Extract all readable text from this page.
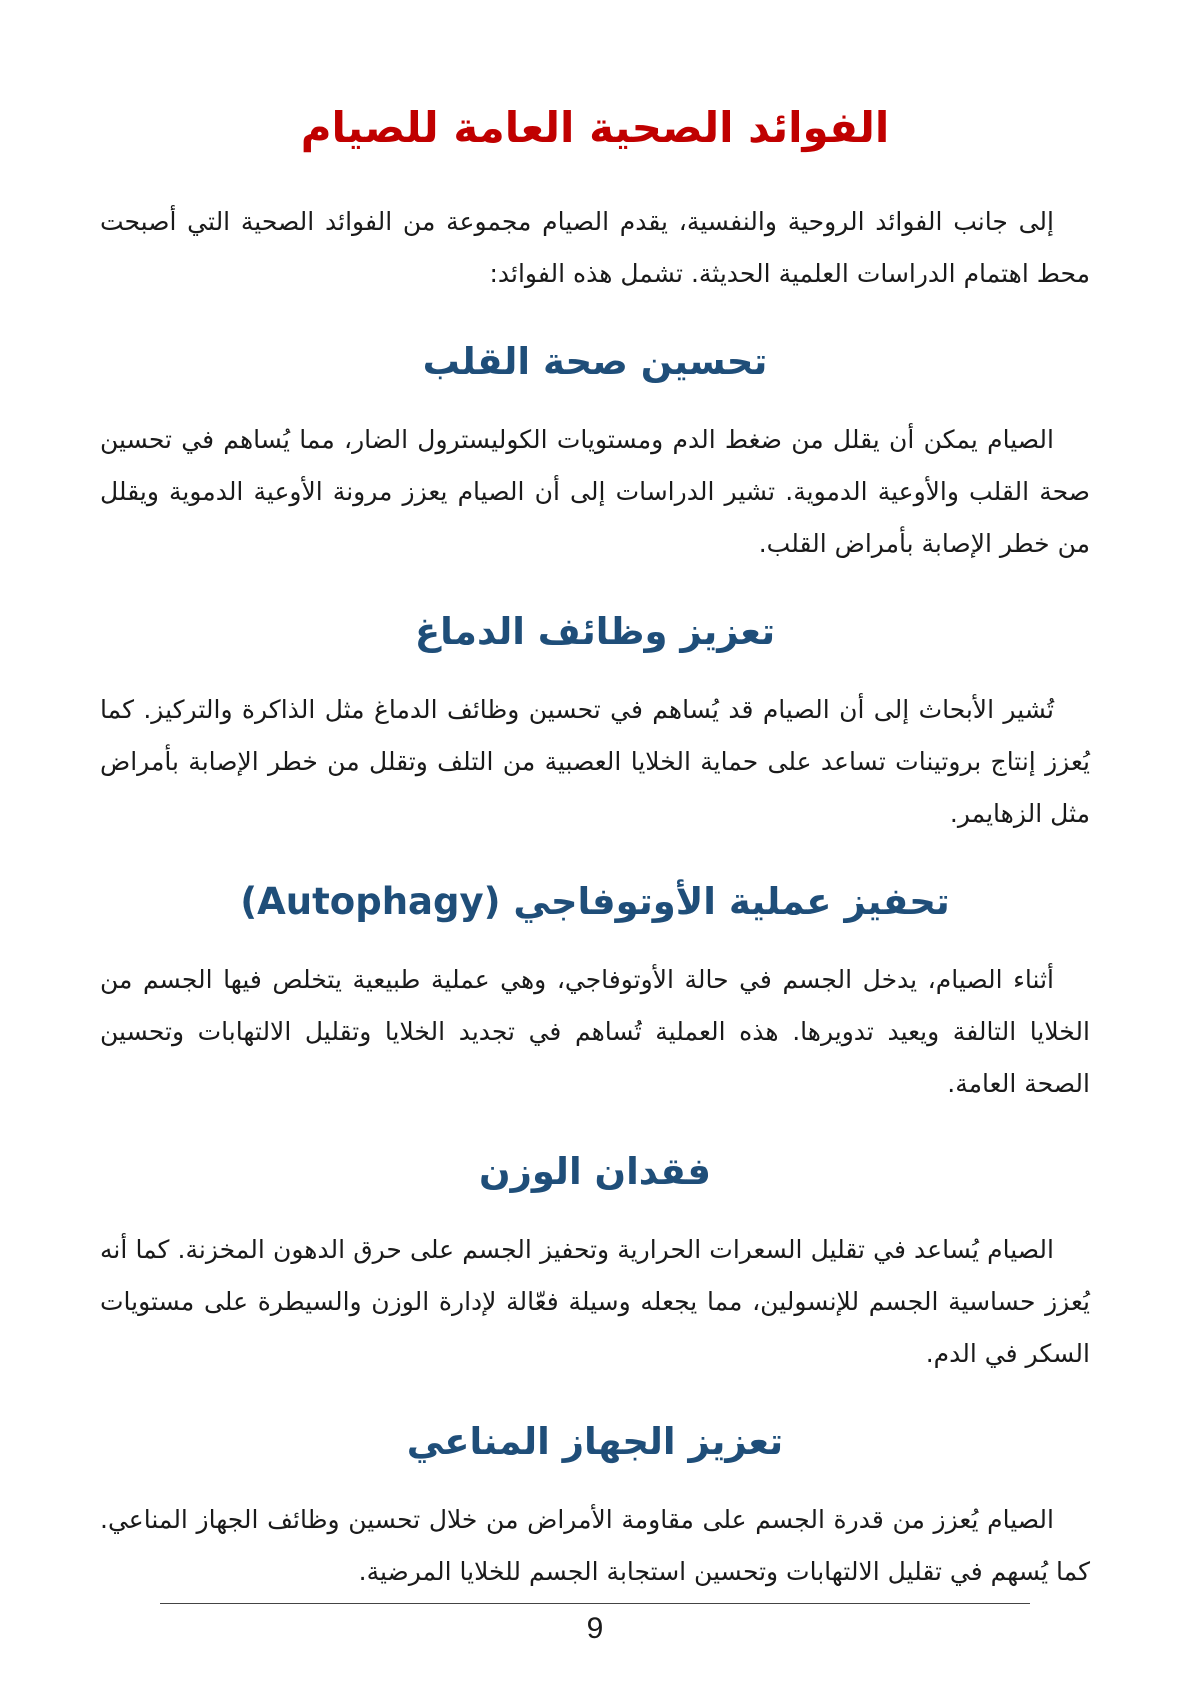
الفوائد الصحية العامة للصيام

إلى جانب الفوائد الروحية والنفسية، يقدم الصيام مجموعة من الفوائد الصحية التي أصبحت محط اهتمام الدراسات العلمية الحديثة. تشمل هذه الفوائد:

تحسين صحة القلب

الصيام يمكن أن يقلل من ضغط الدم ومستويات الكوليسترول الضار، مما يُساهم في تحسين صحة القلب والأوعية الدموية. تشير الدراسات إلى أن الصيام يعزز مرونة الأوعية الدموية ويقلل من خطر الإصابة بأمراض القلب.

تعزيز وظائف الدماغ

تُشير الأبحاث إلى أن الصيام قد يُساهم في تحسين وظائف الدماغ مثل الذاكرة والتركيز. كما يُعزز إنتاج بروتينات تساعد على حماية الخلايا العصبية من التلف وتقلل من خطر الإصابة بأمراض مثل الزهايمر.

تحفيز عملية الأوتوفاجي (Autophagy)

أثناء الصيام، يدخل الجسم في حالة الأوتوفاجي، وهي عملية طبيعية يتخلص فيها الجسم من الخلايا التالفة ويعيد تدويرها. هذه العملية تُساهم في تجديد الخلايا وتقليل الالتهابات وتحسين الصحة العامة.

فقدان الوزن

الصيام يُساعد في تقليل السعرات الحرارية وتحفيز الجسم على حرق الدهون المخزنة. كما أنه يُعزز حساسية الجسم للإنسولين، مما يجعله وسيلة فعّالة لإدارة الوزن والسيطرة على مستويات السكر في الدم.

تعزيز الجهاز المناعي

الصيام يُعزز من قدرة الجسم على مقاومة الأمراض من خلال تحسين وظائف الجهاز المناعي. كما يُسهم في تقليل الالتهابات وتحسين استجابة الجسم للخلايا المرضية.

9
